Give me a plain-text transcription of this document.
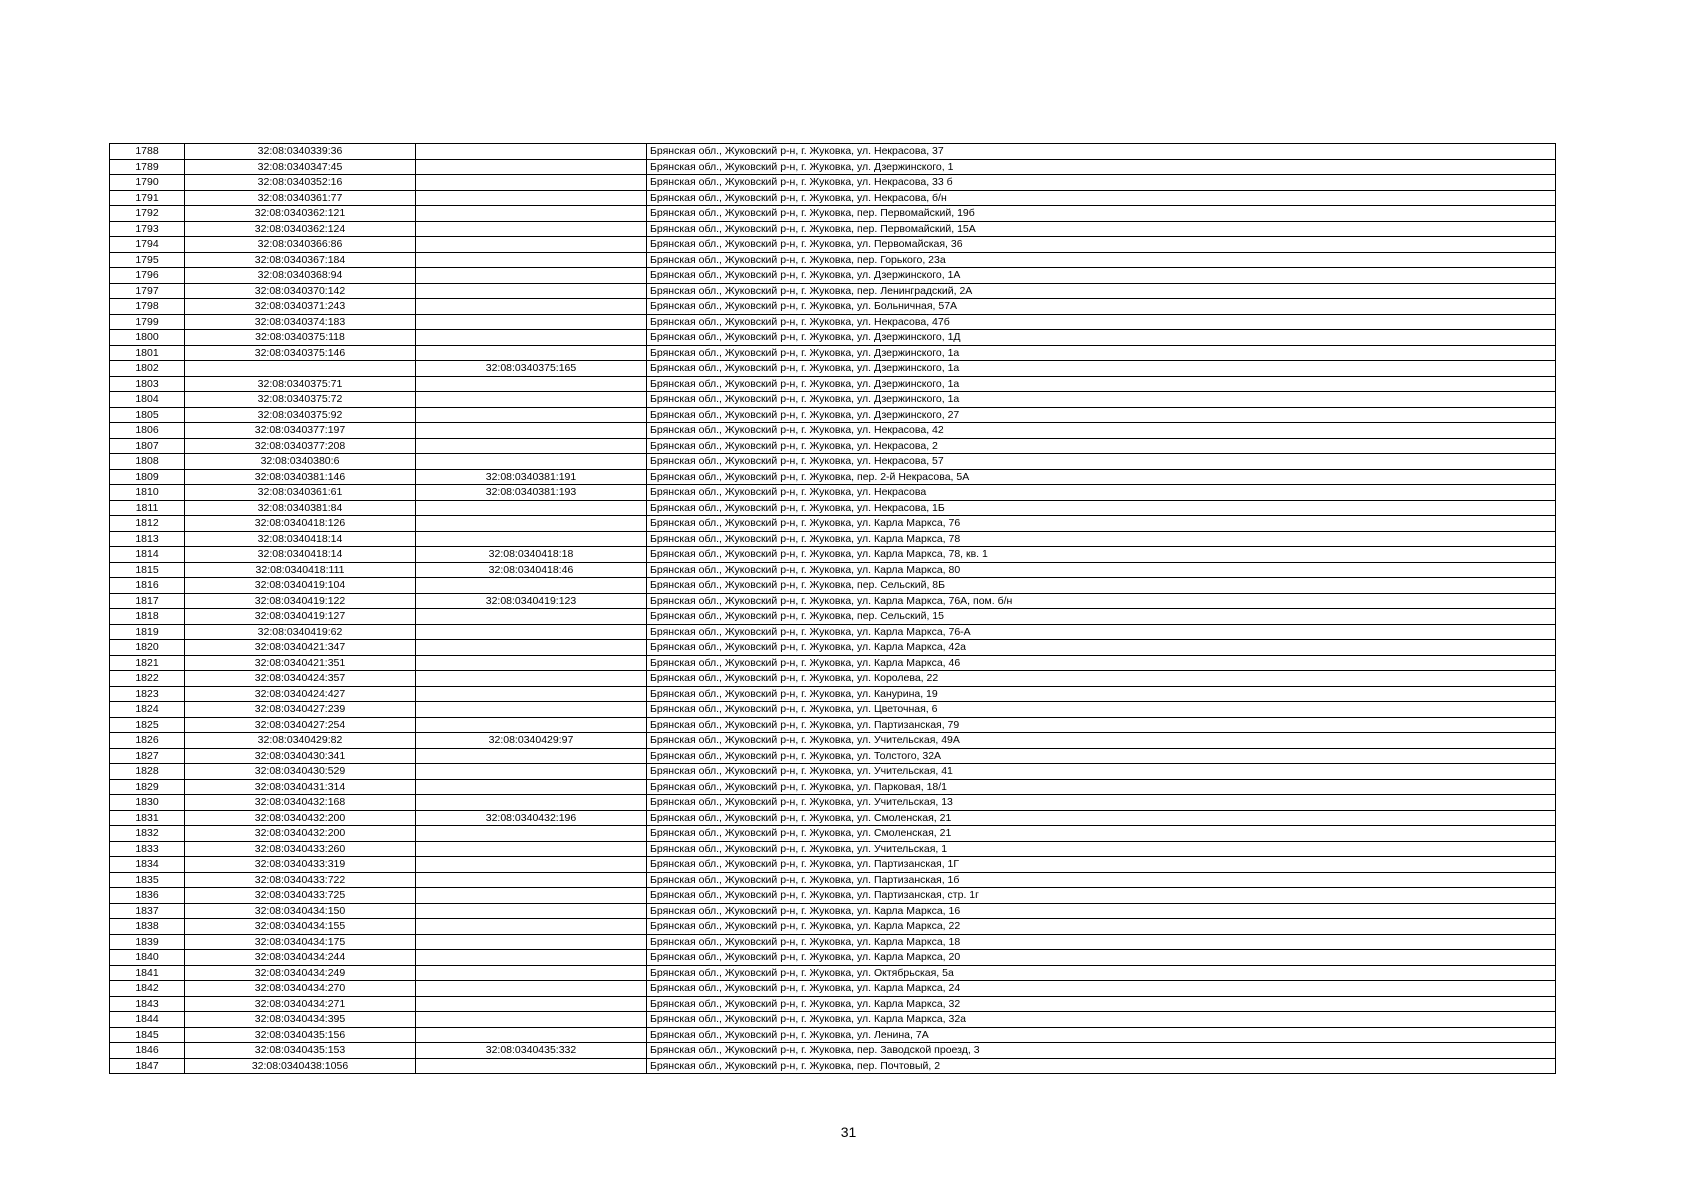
1788	32:08:0340339:36		Брянская обл., Жуковский р-н, г. Жуковка, ул. Некрасова, 37
1789	32:08:0340347:45		Брянская обл., Жуковский р-н, г. Жуковка, ул. Дзержинского, 1
1790	32:08:0340352:16		Брянская обл., Жуковский р-н, г. Жуковка, ул. Некрасова, 33 б
1791	32:08:0340361:77		Брянская обл., Жуковский р-н, г. Жуковка, ул. Некрасова, б/н
1792	32:08:0340362:121		Брянская обл., Жуковский р-н, г. Жуковка, пер. Первомайский, 19б
1793	32:08:0340362:124		Брянская обл., Жуковский р-н, г. Жуковка, пер. Первомайский, 15А
1794	32:08:0340366:86		Брянская обл., Жуковский р-н, г. Жуковка, ул. Первомайская, 36
1795	32:08:0340367:184		Брянская обл., Жуковский р-н, г. Жуковка, пер. Горького, 23а
1796	32:08:0340368:94		Брянская обл., Жуковский р-н, г. Жуковка, ул. Дзержинского, 1А
1797	32:08:0340370:142		Брянская обл., Жуковский р-н, г. Жуковка, пер. Ленинградский, 2А
1798	32:08:0340371:243		Брянская обл., Жуковский р-н, г. Жуковка, ул. Больничная, 57А
1799	32:08:0340374:183		Брянская обл., Жуковский р-н, г. Жуковка, ул. Некрасова, 47б
1800	32:08:0340375:118		Брянская обл., Жуковский р-н, г. Жуковка, ул. Дзержинского, 1Д
1801	32:08:0340375:146		Брянская обл., Жуковский р-н, г. Жуковка, ул. Дзержинского, 1а
1802		32:08:0340375:165	Брянская обл., Жуковский р-н, г. Жуковка, ул. Дзержинского, 1а
1803	32:08:0340375:71		Брянская обл., Жуковский р-н, г. Жуковка, ул. Дзержинского, 1а
1804	32:08:0340375:72		Брянская обл., Жуковский р-н, г. Жуковка, ул. Дзержинского, 1а
1805	32:08:0340375:92		Брянская обл., Жуковский р-н, г. Жуковка, ул. Дзержинского, 27
1806	32:08:0340377:197		Брянская обл., Жуковский р-н, г. Жуковка, ул. Некрасова, 42
1807	32:08:0340377:208		Брянская обл., Жуковский р-н, г. Жуковка, ул. Некрасова, 2
1808	32:08:0340380:6		Брянская обл., Жуковский р-н, г. Жуковка, ул. Некрасова, 57
1809	32:08:0340381:146	32:08:0340381:191	Брянская обл., Жуковский р-н, г. Жуковка, пер. 2-й Некрасова, 5А
1810	32:08:0340361:61	32:08:0340381:193	Брянская обл., Жуковский р-н, г. Жуковка, ул. Некрасова
1811	32:08:0340381:84		Брянская обл., Жуковский р-н, г. Жуковка, ул. Некрасова, 1Б
1812	32:08:0340418:126		Брянская обл., Жуковский р-н, г. Жуковка, ул. Карла Маркса, 76
1813	32:08:0340418:14		Брянская обл., Жуковский р-н, г. Жуковка, ул. Карла Маркса, 78
1814	32:08:0340418:14	32:08:0340418:18	Брянская обл., Жуковский р-н, г. Жуковка, ул. Карла Маркса, 78, кв. 1
1815	32:08:0340418:111	32:08:0340418:46	Брянская обл., Жуковский р-н, г. Жуковка, ул. Карла Маркса, 80
1816	32:08:0340419:104		Брянская обл., Жуковский р-н, г. Жуковка, пер. Сельский, 8Б
1817	32:08:0340419:122	32:08:0340419:123	Брянская обл., Жуковский р-н, г. Жуковка, ул. Карла Маркса, 76А, пом. б/н
1818	32:08:0340419:127		Брянская обл., Жуковский р-н, г. Жуковка, пер. Сельский, 15
1819	32:08:0340419:62		Брянская обл., Жуковский р-н, г. Жуковка, ул. Карла Маркса, 76-А
1820	32:08:0340421:347		Брянская обл., Жуковский р-н, г. Жуковка, ул. Карла Маркса, 42а
1821	32:08:0340421:351		Брянская обл., Жуковский р-н, г. Жуковка, ул. Карла Маркса, 46
1822	32:08:0340424:357		Брянская обл., Жуковский р-н, г. Жуковка, ул. Королева, 22
1823	32:08:0340424:427		Брянская обл., Жуковский р-н, г. Жуковка, ул. Канурина, 19
1824	32:08:0340427:239		Брянская обл., Жуковский р-н, г. Жуковка, ул. Цветочная, 6
1825	32:08:0340427:254		Брянская обл., Жуковский р-н, г. Жуковка, ул. Партизанская, 79
1826	32:08:0340429:82	32:08:0340429:97	Брянская обл., Жуковский р-н, г. Жуковка, ул. Учительская, 49А
1827	32:08:0340430:341		Брянская обл., Жуковский р-н, г. Жуковка, ул. Толстого, 32А
1828	32:08:0340430:529		Брянская обл., Жуковский р-н, г. Жуковка, ул. Учительская, 41
1829	32:08:0340431:314		Брянская обл., Жуковский р-н, г. Жуковка, ул. Парковая, 18/1
1830	32:08:0340432:168		Брянская обл., Жуковский р-н, г. Жуковка, ул. Учительская, 13
1831	32:08:0340432:200	32:08:0340432:196	Брянская обл., Жуковский р-н, г. Жуковка, ул. Смоленская, 21
1832	32:08:0340432:200		Брянская обл., Жуковский р-н, г. Жуковка, ул. Смоленская, 21
1833	32:08:0340433:260		Брянская обл., Жуковский р-н, г. Жуковка, ул. Учительская, 1
1834	32:08:0340433:319		Брянская обл., Жуковский р-н, г. Жуковка, ул. Партизанская, 1Г
1835	32:08:0340433:722		Брянская обл., Жуковский р-н, г. Жуковка, ул. Партизанская, 1б
1836	32:08:0340433:725		Брянская обл., Жуковский р-н, г. Жуковка, ул. Партизанская, стр. 1г
1837	32:08:0340434:150		Брянская обл., Жуковский р-н, г. Жуковка, ул. Карла Маркса, 16
1838	32:08:0340434:155		Брянская обл., Жуковский р-н, г. Жуковка, ул. Карла Маркса, 22
1839	32:08:0340434:175		Брянская обл., Жуковский р-н, г. Жуковка, ул. Карла Маркса, 18
1840	32:08:0340434:244		Брянская обл., Жуковский р-н, г. Жуковка, ул. Карла Маркса, 20
1841	32:08:0340434:249		Брянская обл., Жуковский р-н, г. Жуковка, ул. Октябрьская, 5а
1842	32:08:0340434:270		Брянская обл., Жуковский р-н, г. Жуковка, ул. Карла Маркса, 24
1843	32:08:0340434:271		Брянская обл., Жуковский р-н, г. Жуковка, ул. Карла Маркса, 32
1844	32:08:0340434:395		Брянская обл., Жуковский р-н, г. Жуковка, ул. Карла Маркса, 32а
1845	32:08:0340435:156		Брянская обл., Жуковский р-н, г. Жуковка, ул. Ленина, 7А
1846	32:08:0340435:153	32:08:0340435:332	Брянская обл., Жуковский р-н, г. Жуковка, пер. Заводской проезд, 3
1847	32:08:0340438:1056		Брянская обл., Жуковский р-н, г. Жуковка, пер. Почтовый, 2
31
